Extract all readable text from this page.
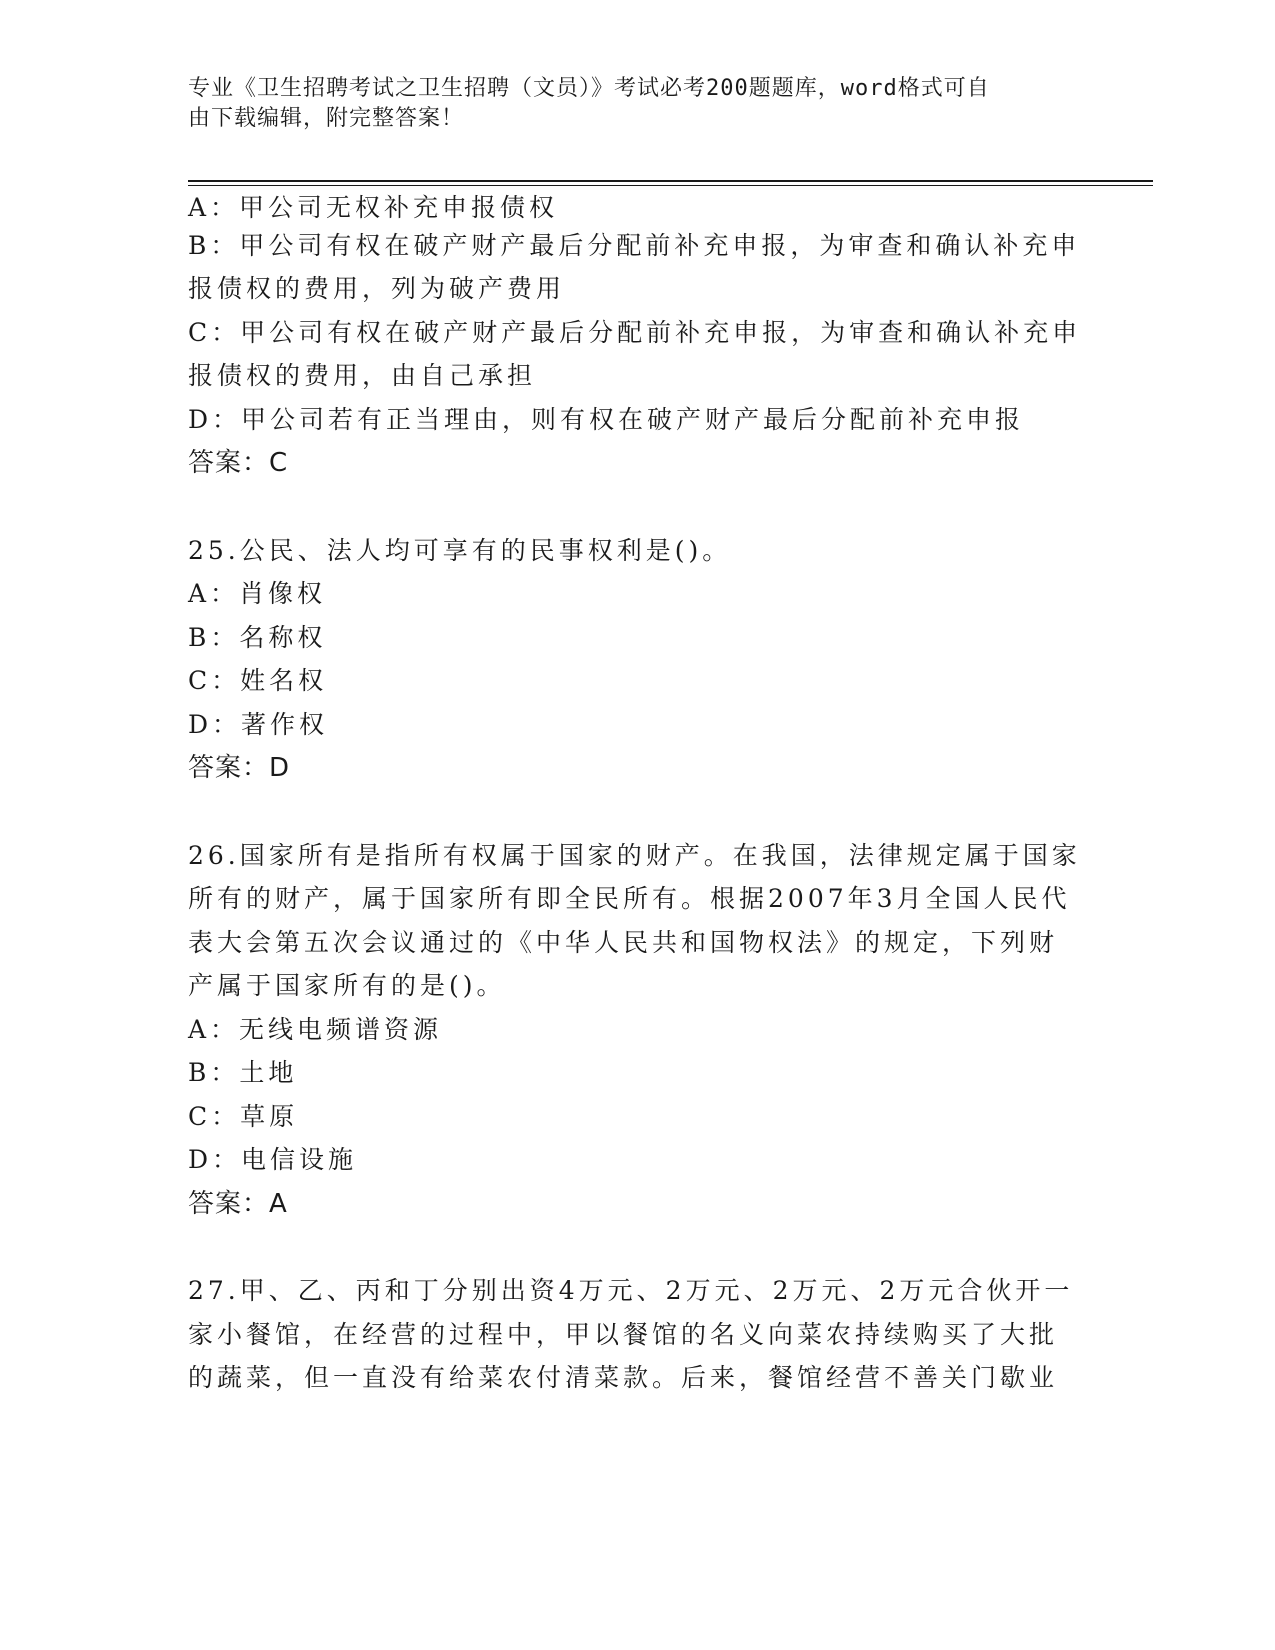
专业《卫生招聘考试之卫生招聘（文员）》考试必考200题题库，word格式可自
由下载编辑，附完整答案！
A：甲公司无权补充申报债权
B：甲公司有权在破产财产最后分配前补充申报，为审查和确认补充申
报债权的费用，列为破产费用
C：甲公司有权在破产财产最后分配前补充申报，为审查和确认补充申
报债权的费用，由自己承担
D：甲公司若有正当理由，则有权在破产财产最后分配前补充申报
答案：C
25.公民、法人均可享有的民事权利是()。
A：肖像权
B：名称权
C：姓名权
D：著作权
答案：D
26.国家所有是指所有权属于国家的财产。在我国，法律规定属于国家
所有的财产，属于国家所有即全民所有。根据2007年3月全国人民代
表大会第五次会议通过的《中华人民共和国物权法》的规定，下列财
产属于国家所有的是()。
A：无线电频谱资源
B：土地
C：草原
D：电信设施
答案：A
27.甲、乙、丙和丁分别出资4万元、2万元、2万元、2万元合伙开一
家小餐馆，在经营的过程中，甲以餐馆的名义向菜农持续购买了大批
的蔬菜，但一直没有给菜农付清菜款。后来，餐馆经营不善关门歇业
